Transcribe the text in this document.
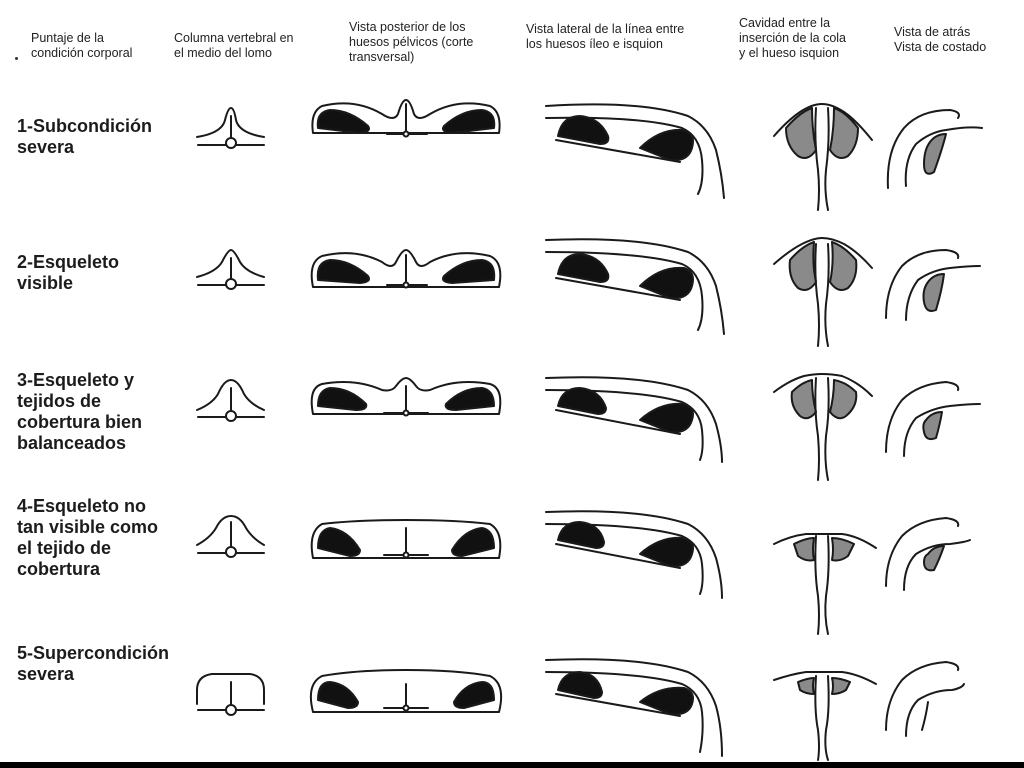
Puntaje de la
condición corporal
Columna vertebral en
el medio del lomo
Vista posterior de los
huesos pélvicos (corte
transversal)
Vista lateral de la línea entre
los huesos íleo e isquion
Cavidad entre la
inserción de la cola
y el hueso isquion
Vista de atrás
Vista de costado
1-Subcondición
severa
2-Esqueleto
visible
3-Esqueleto y
tejidos de
cobertura bien
balanceados
4-Esqueleto no
tan visible como
el tejido de
cobertura
5-Supercondición
severa
